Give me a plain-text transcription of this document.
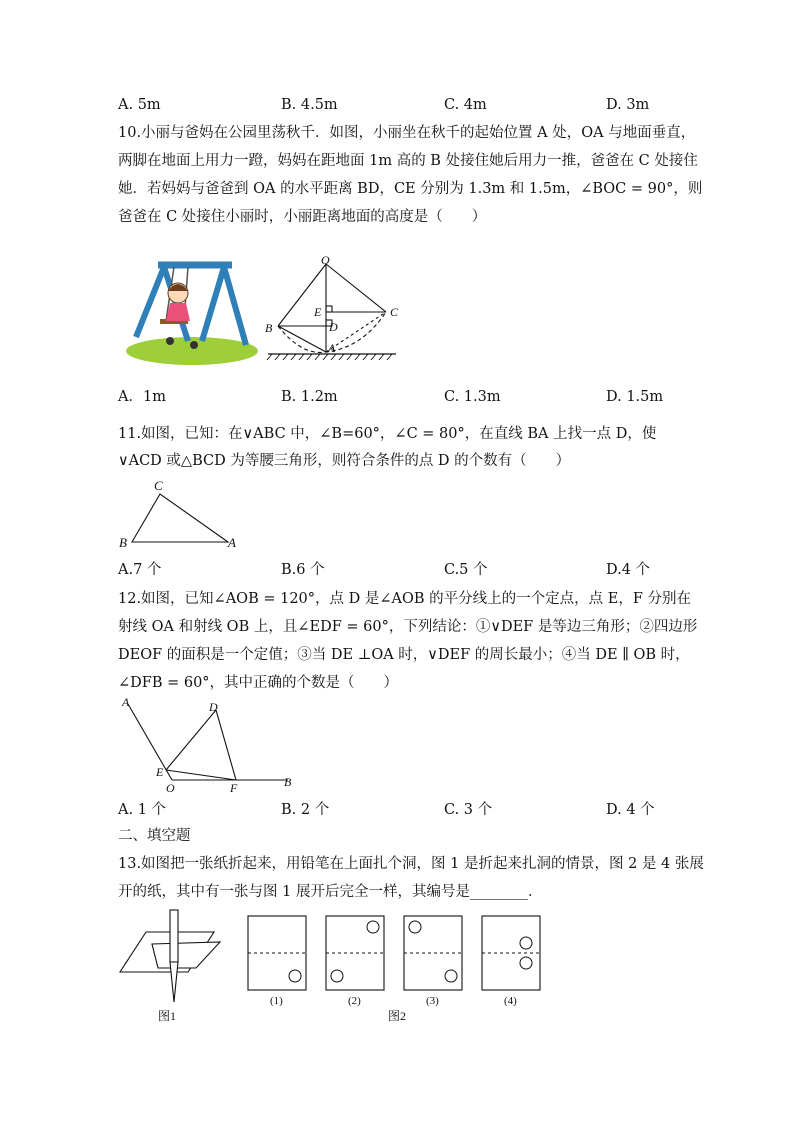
A. 5m	B. 4.5m	C. 4m	D. 3m
10.小丽与爸妈在公园里荡秋千．如图，小丽坐在秋千的起始位置 A 处，OA 与地面垂直，
两脚在地面上用力一蹬，妈妈在距地面 1m 高的 B 处接住她后用力一推，爸爸在 C 处接住
她．若妈妈与爸爸到 OA 的水平距离 BD，CE 分别为 1.3m 和 1.5m，∠BOC = 90°，则
爸爸在 C 处接住小丽时，小丽距离地面的高度是（　　）
O
B
C
E
D
A
A．1m	B. 1.2m	C. 1.3m	D. 1.5m
11.如图，已知：在∨ABC 中，∠B=60°，∠C = 80°，在直线 BA 上找一点 D，使
∨ACD 或△BCD 为等腰三角形，则符合条件的点 D 的个数有（　　）
C
B	A
A.7 个	B.6 个	C.5 个	D.4 个
12.如图，已知∠AOB = 120°，点 D 是∠AOB 的平分线上的一个定点，点 E，F 分别在
射线 OA 和射线 OB 上，且∠EDF = 60°，下列结论：①∨DEF 是等边三角形；②四边形
DEOF 的面积是一个定值；③当 DE ⊥OA 时，∨DEF 的周长最小；④当 DE ∥ OB 时，
∠DFB = 60°，其中正确的个数是（　　）
A	D
E
O	F	B
A. 1 个	B. 2 个	C. 3 个	D. 4 个
二、填空题
13.如图把一张纸折起来，用铅笔在上面扎个洞，图 1 是折起来扎洞的情景，图 2 是 4 张展
开的纸，其中有一张与图 1 展开后完全一样，其编号是________．
图1
(1)	(2)	(3)	(4)
图2
